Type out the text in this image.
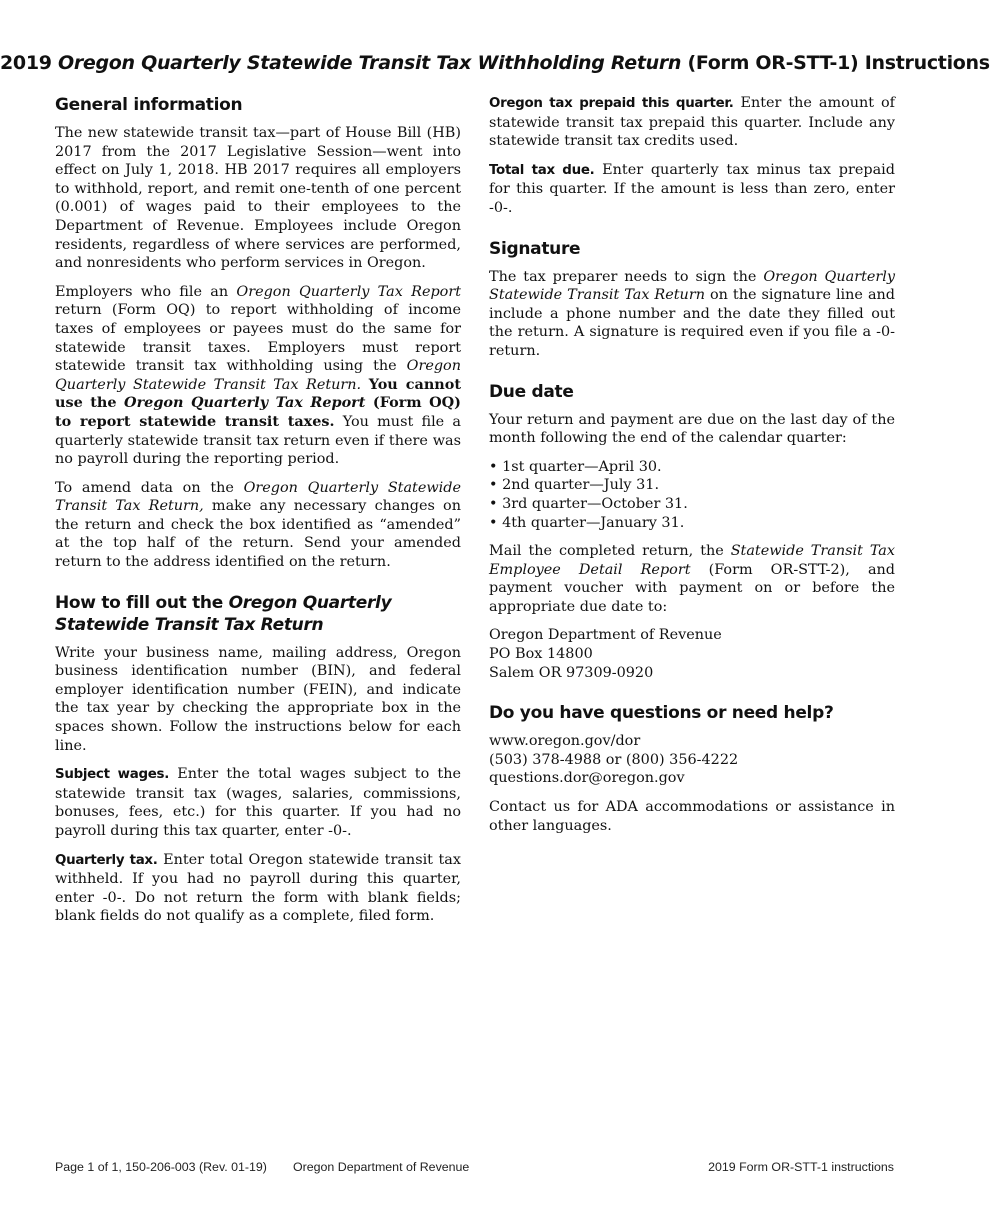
2019 Oregon Quarterly Statewide Transit Tax Withholding Return (Form OR-STT-1) Instructions
General information

The new statewide transit tax—part of House Bill (HB) 2017 from the 2017 Legislative Session—went into effect on July 1, 2018. HB 2017 requires all employers to withhold, report, and remit one-tenth of one percent (0.001) of wages paid to their employees to the Department of Revenue. Employees include Oregon residents, regardless of where services are performed, and nonresidents who perform services in Oregon.

Employers who file an Oregon Quarterly Tax Report return (Form OQ) to report withholding of income taxes of employees or payees must do the same for statewide transit taxes. Employers must report statewide transit tax withholding using the Oregon Quarterly Statewide Transit Tax Return. You cannot use the Oregon Quarterly Tax Report (Form OQ) to report statewide transit taxes. You must file a quarterly statewide transit tax return even if there was no payroll during the reporting period.

To amend data on the Oregon Quarterly Statewide Transit Tax Return, make any necessary changes on the return and check the box identified as “amended” at the top half of the return. Send your amended return to the address identified on the return.

How to fill out the Oregon Quarterly Statewide Transit Tax Return

Write your business name, mailing address, Oregon business identification number (BIN), and federal employer identification number (FEIN), and indicate the tax year by checking the appropriate box in the spaces shown. Follow the instructions below for each line.

Subject wages. Enter the total wages subject to the statewide transit tax (wages, salaries, commissions, bonuses, fees, etc.) for this quarter. If you had no payroll during this tax quarter, enter -0-.

Quarterly tax. Enter total Oregon statewide transit tax withheld. If you had no payroll during this quarter, enter -0-. Do not return the form with blank fields; blank fields do not qualify as a complete, filed form.

Oregon tax prepaid this quarter. Enter the amount of statewide transit tax prepaid this quarter. Include any statewide transit tax credits used.

Total tax due. Enter quarterly tax minus tax prepaid for this quarter. If the amount is less than zero, enter -0-.

Signature

The tax preparer needs to sign the Oregon Quarterly Statewide Transit Tax Return on the signature line and include a phone number and the date they filled out the return. A signature is required even if you file a -0- return.

Due date

Your return and payment are due on the last day of the month following the end of the calendar quarter:

• 1st quarter—April 30.
• 2nd quarter—July 31.
• 3rd quarter—October 31.
• 4th quarter—January 31.

Mail the completed return, the Statewide Transit Tax Employee Detail Report (Form OR-STT-2), and payment voucher with payment on or before the appropriate due date to:

Oregon Department of Revenue
PO Box 14800
Salem OR 97309-0920
Do you have questions or need help?
www.oregon.gov/dor
(503) 378-4988 or (800) 356-4222
questions.dor@oregon.gov

Contact us for ADA accommodations or assistance in other languages.

Page 1 of 1, 150-206-003 (Rev. 01-19) Oregon Department of Revenue	2019 Form OR-STT-1 instructions
